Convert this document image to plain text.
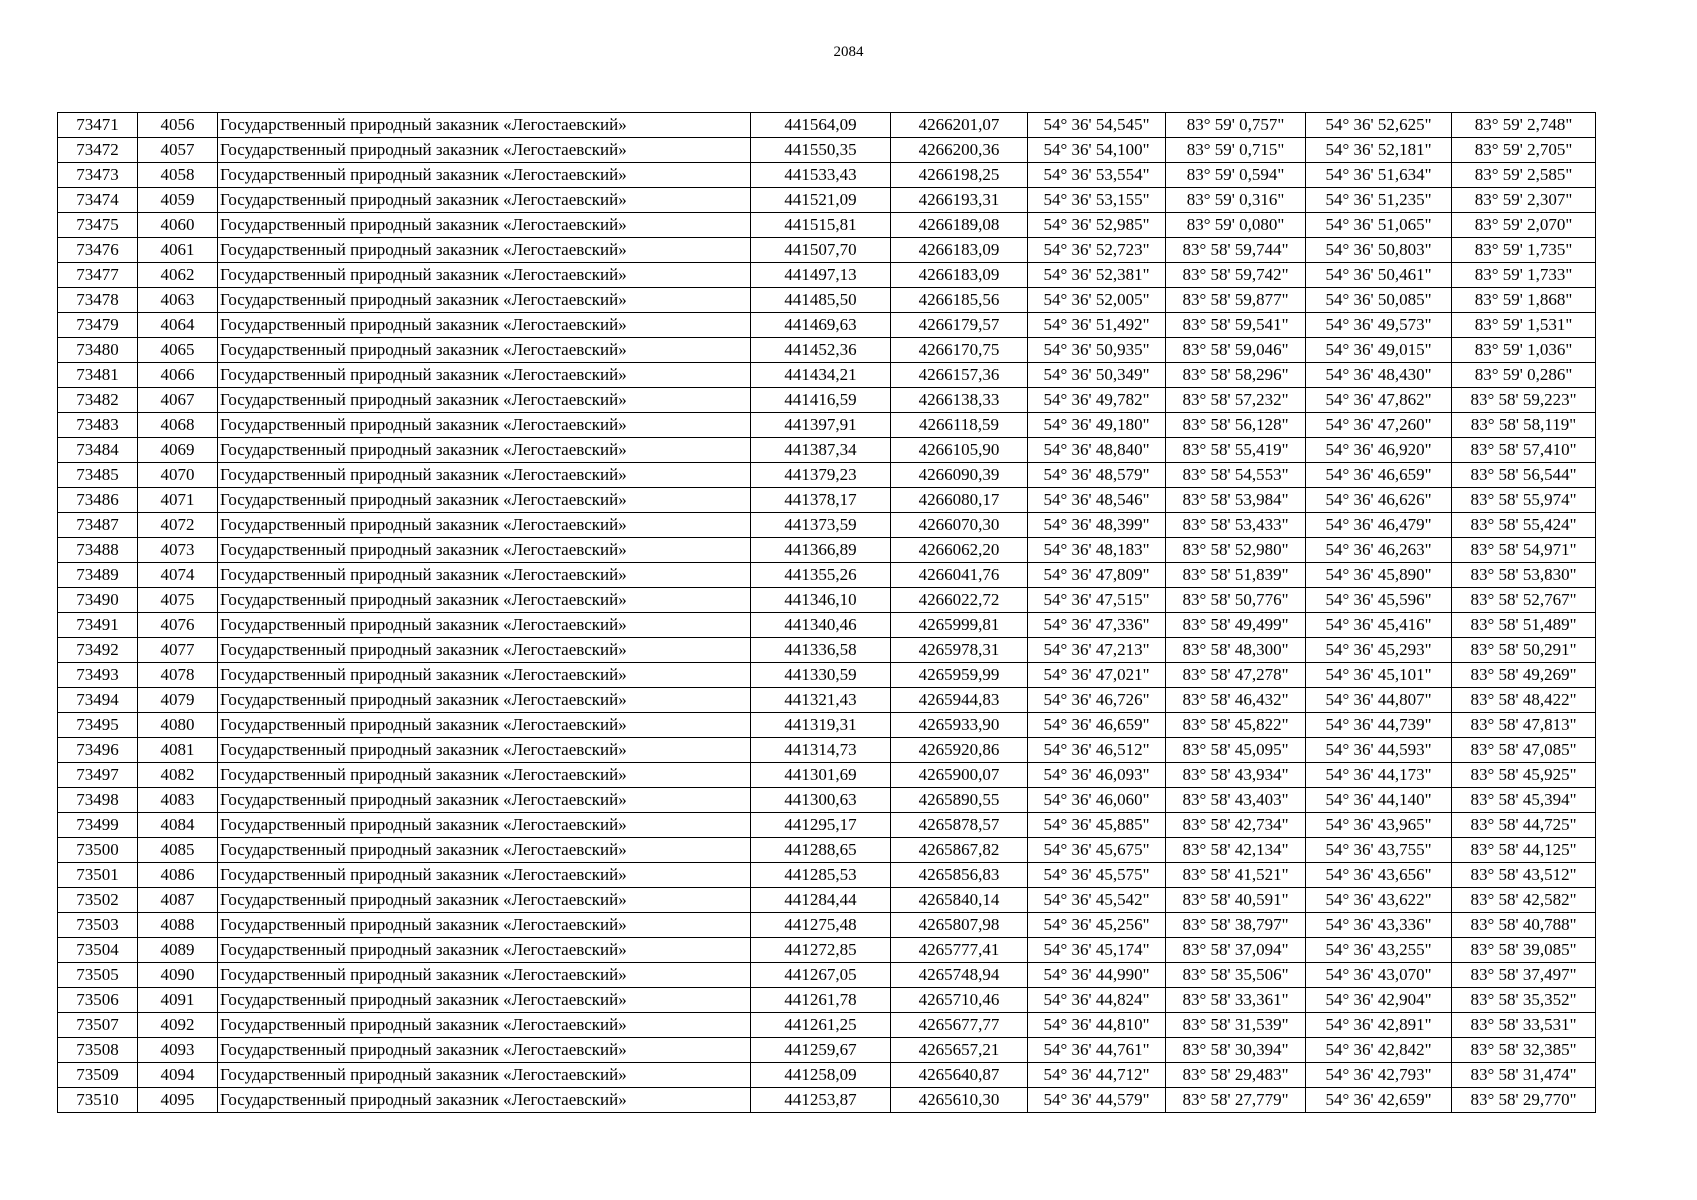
2084
73471	4056	Государственный природный заказник «Легостаевский»	441564,09	4266201,07	54° 36' 54,545"	83° 59' 0,757"	54° 36' 52,625"	83° 59' 2,748"
73472	4057	Государственный природный заказник «Легостаевский»	441550,35	4266200,36	54° 36' 54,100"	83° 59' 0,715"	54° 36' 52,181"	83° 59' 2,705"
73473	4058	Государственный природный заказник «Легостаевский»	441533,43	4266198,25	54° 36' 53,554"	83° 59' 0,594"	54° 36' 51,634"	83° 59' 2,585"
73474	4059	Государственный природный заказник «Легостаевский»	441521,09	4266193,31	54° 36' 53,155"	83° 59' 0,316"	54° 36' 51,235"	83° 59' 2,307"
73475	4060	Государственный природный заказник «Легостаевский»	441515,81	4266189,08	54° 36' 52,985"	83° 59' 0,080"	54° 36' 51,065"	83° 59' 2,070"
73476	4061	Государственный природный заказник «Легостаевский»	441507,70	4266183,09	54° 36' 52,723"	83° 58' 59,744"	54° 36' 50,803"	83° 59' 1,735"
73477	4062	Государственный природный заказник «Легостаевский»	441497,13	4266183,09	54° 36' 52,381"	83° 58' 59,742"	54° 36' 50,461"	83° 59' 1,733"
73478	4063	Государственный природный заказник «Легостаевский»	441485,50	4266185,56	54° 36' 52,005"	83° 58' 59,877"	54° 36' 50,085"	83° 59' 1,868"
73479	4064	Государственный природный заказник «Легостаевский»	441469,63	4266179,57	54° 36' 51,492"	83° 58' 59,541"	54° 36' 49,573"	83° 59' 1,531"
73480	4065	Государственный природный заказник «Легостаевский»	441452,36	4266170,75	54° 36' 50,935"	83° 58' 59,046"	54° 36' 49,015"	83° 59' 1,036"
73481	4066	Государственный природный заказник «Легостаевский»	441434,21	4266157,36	54° 36' 50,349"	83° 58' 58,296"	54° 36' 48,430"	83° 59' 0,286"
73482	4067	Государственный природный заказник «Легостаевский»	441416,59	4266138,33	54° 36' 49,782"	83° 58' 57,232"	54° 36' 47,862"	83° 58' 59,223"
73483	4068	Государственный природный заказник «Легостаевский»	441397,91	4266118,59	54° 36' 49,180"	83° 58' 56,128"	54° 36' 47,260"	83° 58' 58,119"
73484	4069	Государственный природный заказник «Легостаевский»	441387,34	4266105,90	54° 36' 48,840"	83° 58' 55,419"	54° 36' 46,920"	83° 58' 57,410"
73485	4070	Государственный природный заказник «Легостаевский»	441379,23	4266090,39	54° 36' 48,579"	83° 58' 54,553"	54° 36' 46,659"	83° 58' 56,544"
73486	4071	Государственный природный заказник «Легостаевский»	441378,17	4266080,17	54° 36' 48,546"	83° 58' 53,984"	54° 36' 46,626"	83° 58' 55,974"
73487	4072	Государственный природный заказник «Легостаевский»	441373,59	4266070,30	54° 36' 48,399"	83° 58' 53,433"	54° 36' 46,479"	83° 58' 55,424"
73488	4073	Государственный природный заказник «Легостаевский»	441366,89	4266062,20	54° 36' 48,183"	83° 58' 52,980"	54° 36' 46,263"	83° 58' 54,971"
73489	4074	Государственный природный заказник «Легостаевский»	441355,26	4266041,76	54° 36' 47,809"	83° 58' 51,839"	54° 36' 45,890"	83° 58' 53,830"
73490	4075	Государственный природный заказник «Легостаевский»	441346,10	4266022,72	54° 36' 47,515"	83° 58' 50,776"	54° 36' 45,596"	83° 58' 52,767"
73491	4076	Государственный природный заказник «Легостаевский»	441340,46	4265999,81	54° 36' 47,336"	83° 58' 49,499"	54° 36' 45,416"	83° 58' 51,489"
73492	4077	Государственный природный заказник «Легостаевский»	441336,58	4265978,31	54° 36' 47,213"	83° 58' 48,300"	54° 36' 45,293"	83° 58' 50,291"
73493	4078	Государственный природный заказник «Легостаевский»	441330,59	4265959,99	54° 36' 47,021"	83° 58' 47,278"	54° 36' 45,101"	83° 58' 49,269"
73494	4079	Государственный природный заказник «Легостаевский»	441321,43	4265944,83	54° 36' 46,726"	83° 58' 46,432"	54° 36' 44,807"	83° 58' 48,422"
73495	4080	Государственный природный заказник «Легостаевский»	441319,31	4265933,90	54° 36' 46,659"	83° 58' 45,822"	54° 36' 44,739"	83° 58' 47,813"
73496	4081	Государственный природный заказник «Легостаевский»	441314,73	4265920,86	54° 36' 46,512"	83° 58' 45,095"	54° 36' 44,593"	83° 58' 47,085"
73497	4082	Государственный природный заказник «Легостаевский»	441301,69	4265900,07	54° 36' 46,093"	83° 58' 43,934"	54° 36' 44,173"	83° 58' 45,925"
73498	4083	Государственный природный заказник «Легостаевский»	441300,63	4265890,55	54° 36' 46,060"	83° 58' 43,403"	54° 36' 44,140"	83° 58' 45,394"
73499	4084	Государственный природный заказник «Легостаевский»	441295,17	4265878,57	54° 36' 45,885"	83° 58' 42,734"	54° 36' 43,965"	83° 58' 44,725"
73500	4085	Государственный природный заказник «Легостаевский»	441288,65	4265867,82	54° 36' 45,675"	83° 58' 42,134"	54° 36' 43,755"	83° 58' 44,125"
73501	4086	Государственный природный заказник «Легостаевский»	441285,53	4265856,83	54° 36' 45,575"	83° 58' 41,521"	54° 36' 43,656"	83° 58' 43,512"
73502	4087	Государственный природный заказник «Легостаевский»	441284,44	4265840,14	54° 36' 45,542"	83° 58' 40,591"	54° 36' 43,622"	83° 58' 42,582"
73503	4088	Государственный природный заказник «Легостаевский»	441275,48	4265807,98	54° 36' 45,256"	83° 58' 38,797"	54° 36' 43,336"	83° 58' 40,788"
73504	4089	Государственный природный заказник «Легостаевский»	441272,85	4265777,41	54° 36' 45,174"	83° 58' 37,094"	54° 36' 43,255"	83° 58' 39,085"
73505	4090	Государственный природный заказник «Легостаевский»	441267,05	4265748,94	54° 36' 44,990"	83° 58' 35,506"	54° 36' 43,070"	83° 58' 37,497"
73506	4091	Государственный природный заказник «Легостаевский»	441261,78	4265710,46	54° 36' 44,824"	83° 58' 33,361"	54° 36' 42,904"	83° 58' 35,352"
73507	4092	Государственный природный заказник «Легостаевский»	441261,25	4265677,77	54° 36' 44,810"	83° 58' 31,539"	54° 36' 42,891"	83° 58' 33,531"
73508	4093	Государственный природный заказник «Легостаевский»	441259,67	4265657,21	54° 36' 44,761"	83° 58' 30,394"	54° 36' 42,842"	83° 58' 32,385"
73509	4094	Государственный природный заказник «Легостаевский»	441258,09	4265640,87	54° 36' 44,712"	83° 58' 29,483"	54° 36' 42,793"	83° 58' 31,474"
73510	4095	Государственный природный заказник «Легостаевский»	441253,87	4265610,30	54° 36' 44,579"	83° 58' 27,779"	54° 36' 42,659"	83° 58' 29,770"
